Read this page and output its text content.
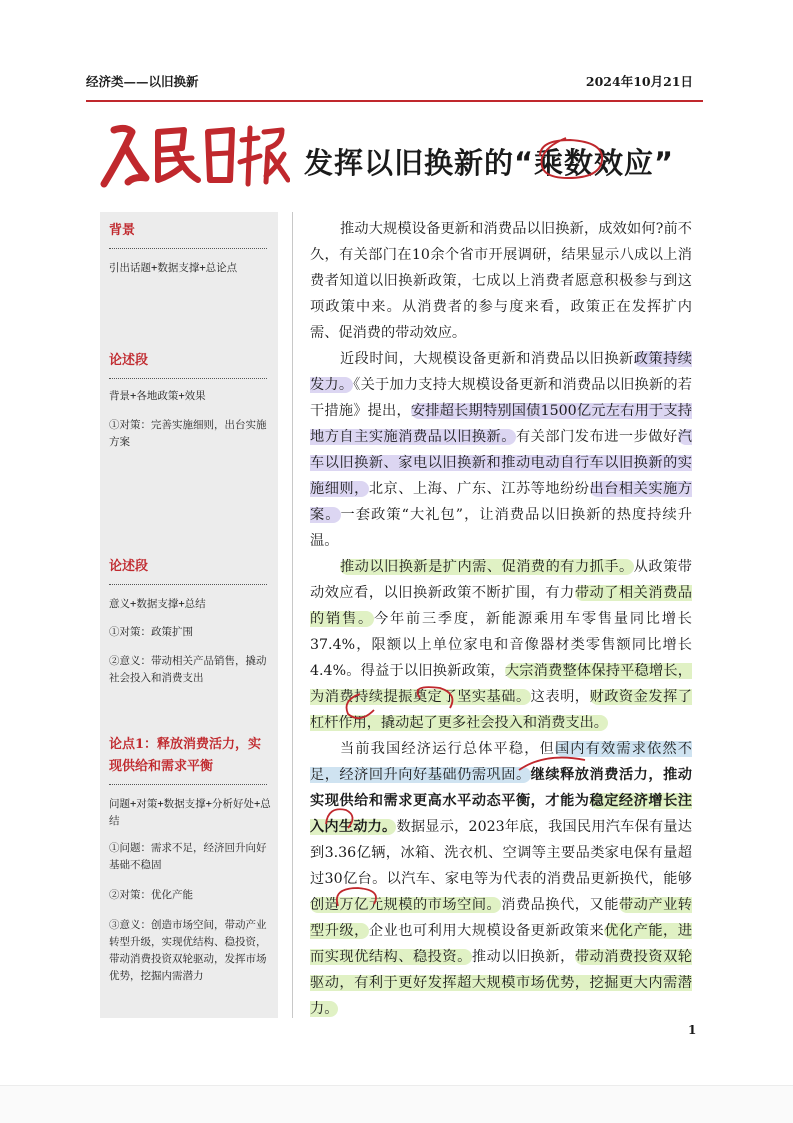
经济类——以旧换新	2024年10月21日
发挥以旧换新的“乘数效应”
背景
引出话题+数据支撑+总论点
论述段
背景+各地政策+效果
①对策：完善实施细则，出台实施方案
论述段
意义+数据支撑+总结
①对策：政策扩围
②意义：带动相关产品销售，撬动社会投入和消费支出
论点1：释放消费活力，实现供给和需求平衡
问题+对策+数据支撑+分析好处+总结
①问题：需求不足，经济回升向好基础不稳固
②对策：优化产能
③意义：创造市场空间，带动产业转型升级，实现优结构、稳投资，带动消费投资双轮驱动，发挥市场优势，挖掘内需潜力

推动大规模设备更新和消费品以旧换新，成效如何?前不久，有关部门在10余个省市开展调研，结果显示八成以上消费者知道以旧换新政策，七成以上消费者愿意积极参与到这项政策中来。从消费者的参与度来看，政策正在发挥扩内需、促消费的带动效应。

近段时间，大规模设备更新和消费品以旧换新政策持续发力。《关于加力支持大规模设备更新和消费品以旧换新的若干措施》提出，安排超长期特别国债1500亿元左右用于支持地方自主实施消费品以旧换新。有关部门发布进一步做好汽车以旧换新、家电以旧换新和推动电动自行车以旧换新的实施细则，北京、上海、广东、江苏等地纷纷出台相关实施方案。一套政策“大礼包”，让消费品以旧换新的热度持续升温。

推动以旧换新是扩内需、促消费的有力抓手。从政策带动效应看，以旧换新政策不断扩围，有力带动了相关消费品的销售。今年前三季度，新能源乘用车零售量同比增长37.4%，限额以上单位家电和音像器材类零售额同比增长4.4%。得益于以旧换新政策，大宗消费整体保持平稳增长，为消费持续提振奠定了坚实基础。这表明，财政资金发挥了杠杆作用，撬动起了更多社会投入和消费支出。

当前我国经济运行总体平稳，但国内有效需求依然不足，经济回升向好基础仍需巩固。继续释放消费活力，推动实现供给和需求更高水平动态平衡，才能为稳定经济增长注入内生动力。数据显示，2023年底，我国民用汽车保有量达到3.36亿辆，冰箱、洗衣机、空调等主要品类家电保有量超过30亿台。以汽车、家电等为代表的消费品更新换代，能够创造万亿元规模的市场空间。消费品换代，又能带动产业转型升级，企业也可利用大规模设备更新政策来优化产能，进而实现优结构、稳投资。推动以旧换新，带动消费投资双轮驱动，有利于更好发挥超大规模市场优势，挖掘更大内需潜力。

1
